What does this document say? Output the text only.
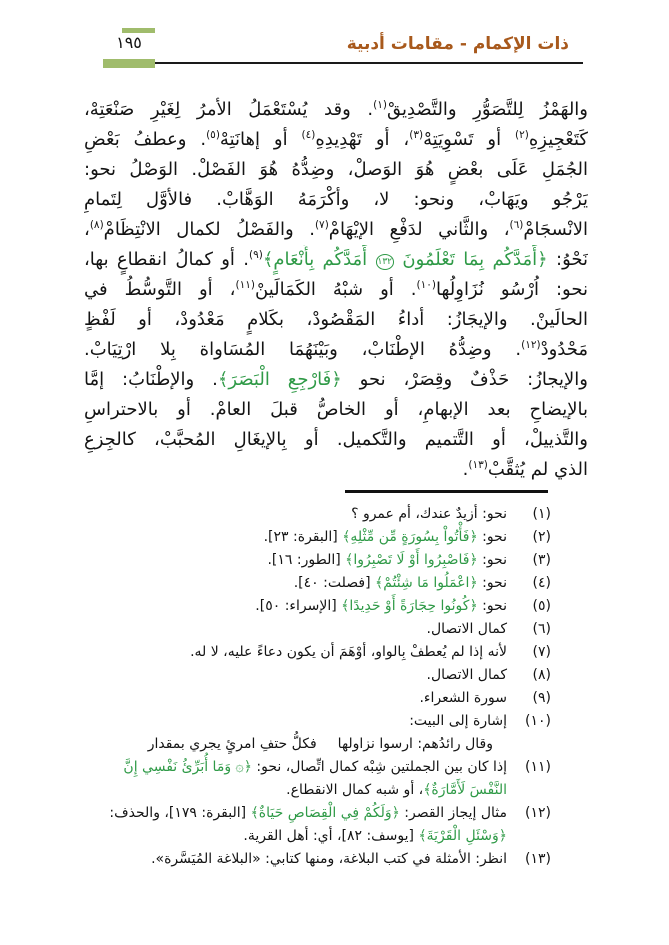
١٩٥	ذات الإكمام - مقامات أدبية
والهَمْزُ لِلتَّصَوُّرِ والتَّصْدِيقْ$^{(١)}$. وقد يُسْتَعْمَلُ الأمرُ لِغَيْرِ صَنْعَتِهْ،
كَتَعْجِيزِهِ$^{(٢)}$ أو تَسْوِيَتِهْ$^{(٣)}$، أو تَهْدِيدِهِ$^{(٤)}$ أو إهانَتِهْ$^{(٥)}$. وعطفُ بَعْضِ
الجُمَلِ عَلَى بعْضٍ هُوَ الوَصلْ، وضِدُّهُ هُوَ الفَصْلْ. الوَصْلُ نحو:
يَرْجُو ويَهَابْ، ونحو: لا، وأكْرَمَهُ الوَهَّابْ. فالأوَّل لِتَمامِ
الانْسجَامْ$^{(٦)}$، والثَّاني لدَفْعِ الإيْهَامْ$^{(٧)}$. والفَصْلُ لكمال الانْتِظَامْ$^{(٨)}$،
نَحْوُ: ﴿أَمَدَّكُم بِمَا تَعْلَمُونَ ١٣٢ أَمَدَّكُم بِأَنْعَامٍ﴾$^{(٩)}$. أو كمالُ انقطاعٍ بها،
نحو: اُرْسُو نُزَاوِلُها$^{(١٠)}$. أو شبْهُ الكَمَالَينْ$^{(١١)}$، أو التَّوسُّطُ في
الحالَينْ. والإيجَازُ: أداءُ المَقْصُودْ، بكَلامٍ مَعْدُودْ، أو لَفْظٍ
مَحْدُودْ$^{(١٢)}$. وضِدُّهُ الإطْنَابْ، وبَيْنَهُمَا المُسَاواة بِلا ارْتِيَابْ.
والإيجازُ: حَذْفٌ وقِصَرْ، نحو ﴿فَارْجِعِ الْبَصَرَ﴾. والإطْنَابُ: إمَّا
بالإيضاحِ بعد الإبهامِ، أو الخاصُّ قبلَ العامْ. أو بالاحتراسِ
والتَّذييلْ، أو التَّتميم والتَّكميل. أو بِالإيغَالِ المُحبَّبْ، كالجِزعِ
الذي لم يُثقَّبْ$^{(١٣)}$.
(١)
نحو: أزيدٌ عندك، أم عمرو ؟
(٢)
نحو: ﴿فَأْتُواْ بِسُورَةٍ مِّن مِّثْلِهِ﴾ [البقرة: ٢٣].
(٣)
نحو: ﴿فَاصْبِرُوا أَوْ لَا تَصْبِرُوا﴾ [الطور: ١٦].
(٤)
نحو: ﴿اعْمَلُوا مَا شِئْتُمْ﴾ [فصلت: ٤٠].
(٥)
نحو: ﴿كُونُوا حِجَارَةً أَوْ حَدِيدًا﴾ [الإسراء: ٥٠].
(٦)
كمال الاتصال.
(٧)
لأنه إذا لم يُعطفْ بِالواو، أوْهَمَ أن يكون دعاءً عليه، لا له.
(٨)
كمال الاتصال.
(٩)
سورة الشعراء.
(١٠)
إشارة إلى البيت:
وقال رائدُهم: ارسوا نزاولها  فكلُّ حتفِ امرئٍ يجري بمقدار
(١١)
إذا كان بين الجملتين شِبْه كمال اتِّصال، نحو: ﴿۞ وَمَا أُبَرِّئُ نَفْسِي إِنَّ النَّفْسَ لَأَمَّارَةٌ﴾، أو شبه كمال الانقطاع.
(١٢)
مثال إيجاز القصر: ﴿وَلَكُمْ فِي الْقِصَاصِ حَيَاةٌ﴾ [البقرة: ١٧٩]، والحذف: ﴿وَسْئَلِ الْقَرْيَةَ﴾ [يوسف: ٨٢]، أي: أهل القرية.
(١٣)
انظر: الأمثلة في كتب البلاغة، ومنها كتابي: «البلاغة المُيَسَّرة».
